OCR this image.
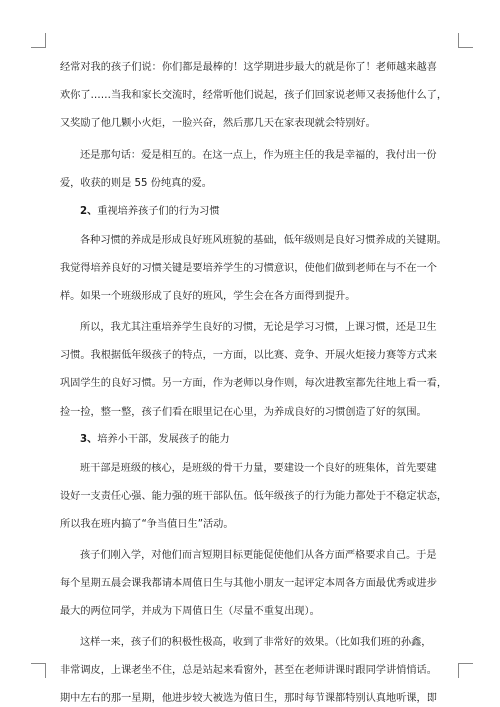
经常对我的孩子们说：你们都是最棒的！这学期进步最大的就是你了！老师越来越喜
欢你了……当我和家长交流时，经常听他们说起，孩子们回家说老师又表扬他什么了，
又奖励了他几颗小火炬，一脸兴奋，然后那几天在家表现就会特别好。
还是那句话：爱是相互的。在这一点上，作为班主任的我是幸福的，我付出一份
爱，收获的则是 55 份纯真的爱。
2、重视培养孩子们的行为习惯
各种习惯的养成是形成良好班风班貌的基础，低年级则是良好习惯养成的关键期。
我觉得培养良好的习惯关键是要培养学生的习惯意识，使他们做到老师在与不在一个
样。如果一个班级形成了良好的班风，学生会在各方面得到提升。
所以，我尤其注重培养学生良好的习惯，无论是学习习惯，上课习惯，还是卫生
习惯。我根据低年级孩子的特点，一方面，以比赛、竞争、开展火炬接力赛等方式来
巩固学生的良好习惯。另一方面，作为老师以身作则，每次进教室都先往地上看一看，
捡一捡，整一整，孩子们看在眼里记在心里，为养成良好的习惯创造了好的氛围。
3、培养小干部，发展孩子的能力
班干部是班级的核心，是班级的骨干力量，要建设一个良好的班集体，首先要建
设好一支责任心强、能力强的班干部队伍。低年级孩子的行为能力都处于不稳定状态，
所以我在班内搞了“争当值日生”活动。
孩子们刚入学，对他们而言短期目标更能促使他们从各方面严格要求自己。于是
每个星期五晨会课我都请本周值日生与其他小朋友一起评定本周各方面最优秀或进步
最大的两位同学，并成为下周值日生（尽量不重复出现）。
这样一来，孩子们的积极性极高，收到了非常好的效果。（比如我们班的孙鑫，
非常调皮，上课老坐不住，总是站起来看窗外，甚至在老师讲课时跟同学讲悄悄话。
期中左右的那一星期，他进步较大被选为值日生，那时每节课都特别认真地听课，即
